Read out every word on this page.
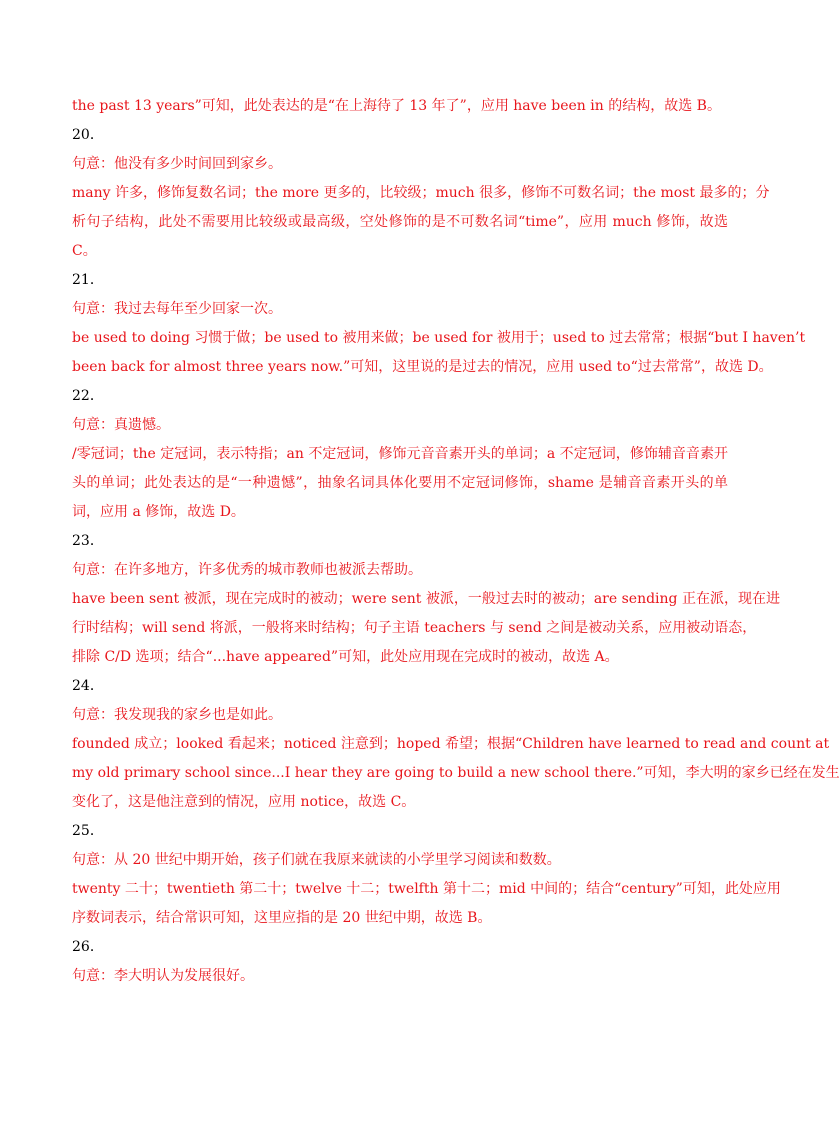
the past 13 years”可知，此处表达的是“在上海待了 13 年了”，应用 have been in 的结构，故选 B。
20．
句意：他没有多少时间回到家乡。
many 许多，修饰复数名词；the more 更多的，比较级；much 很多，修饰不可数名词；the most 最多的；分
析句子结构，此处不需要用比较级或最高级，空处修饰的是不可数名词“time”，应用 much 修饰，故选
C。
21．
句意：我过去每年至少回家一次。
be used to doing 习惯于做；be used to 被用来做；be used for 被用于；used to 过去常常；根据“but I haven’t
been back for almost three years now.”可知，这里说的是过去的情况，应用 used to“过去常常”，故选 D。
22．
句意：真遗憾。
/零冠词；the 定冠词，表示特指；an 不定冠词，修饰元音音素开头的单词；a 不定冠词，修饰辅音音素开
头的单词；此处表达的是“一种遗憾”，抽象名词具体化要用不定冠词修饰，shame 是辅音音素开头的单
词，应用 a 修饰，故选 D。
23．
句意：在许多地方，许多优秀的城市教师也被派去帮助。
have been sent 被派，现在完成时的被动；were sent 被派，一般过去时的被动；are sending 正在派，现在进
行时结构；will send 将派，一般将来时结构；句子主语 teachers 与 send 之间是被动关系，应用被动语态，
排除 C/D 选项；结合“...have appeared”可知，此处应用现在完成时的被动，故选 A。
24．
句意：我发现我的家乡也是如此。
founded 成立；looked 看起来；noticed 注意到；hoped 希望；根据“Children have learned to read and count at
my old primary school since...I hear they are going to build a new school there.”可知，李大明的家乡已经在发生
变化了，这是他注意到的情况，应用 notice，故选 C。
25．
句意：从 20 世纪中期开始，孩子们就在我原来就读的小学里学习阅读和数数。
twenty 二十；twentieth 第二十；twelve 十二；twelfth 第十二；mid 中间的；结合“century”可知，此处应用
序数词表示，结合常识可知，这里应指的是 20 世纪中期，故选 B。
26．
句意：李大明认为发展很好。
